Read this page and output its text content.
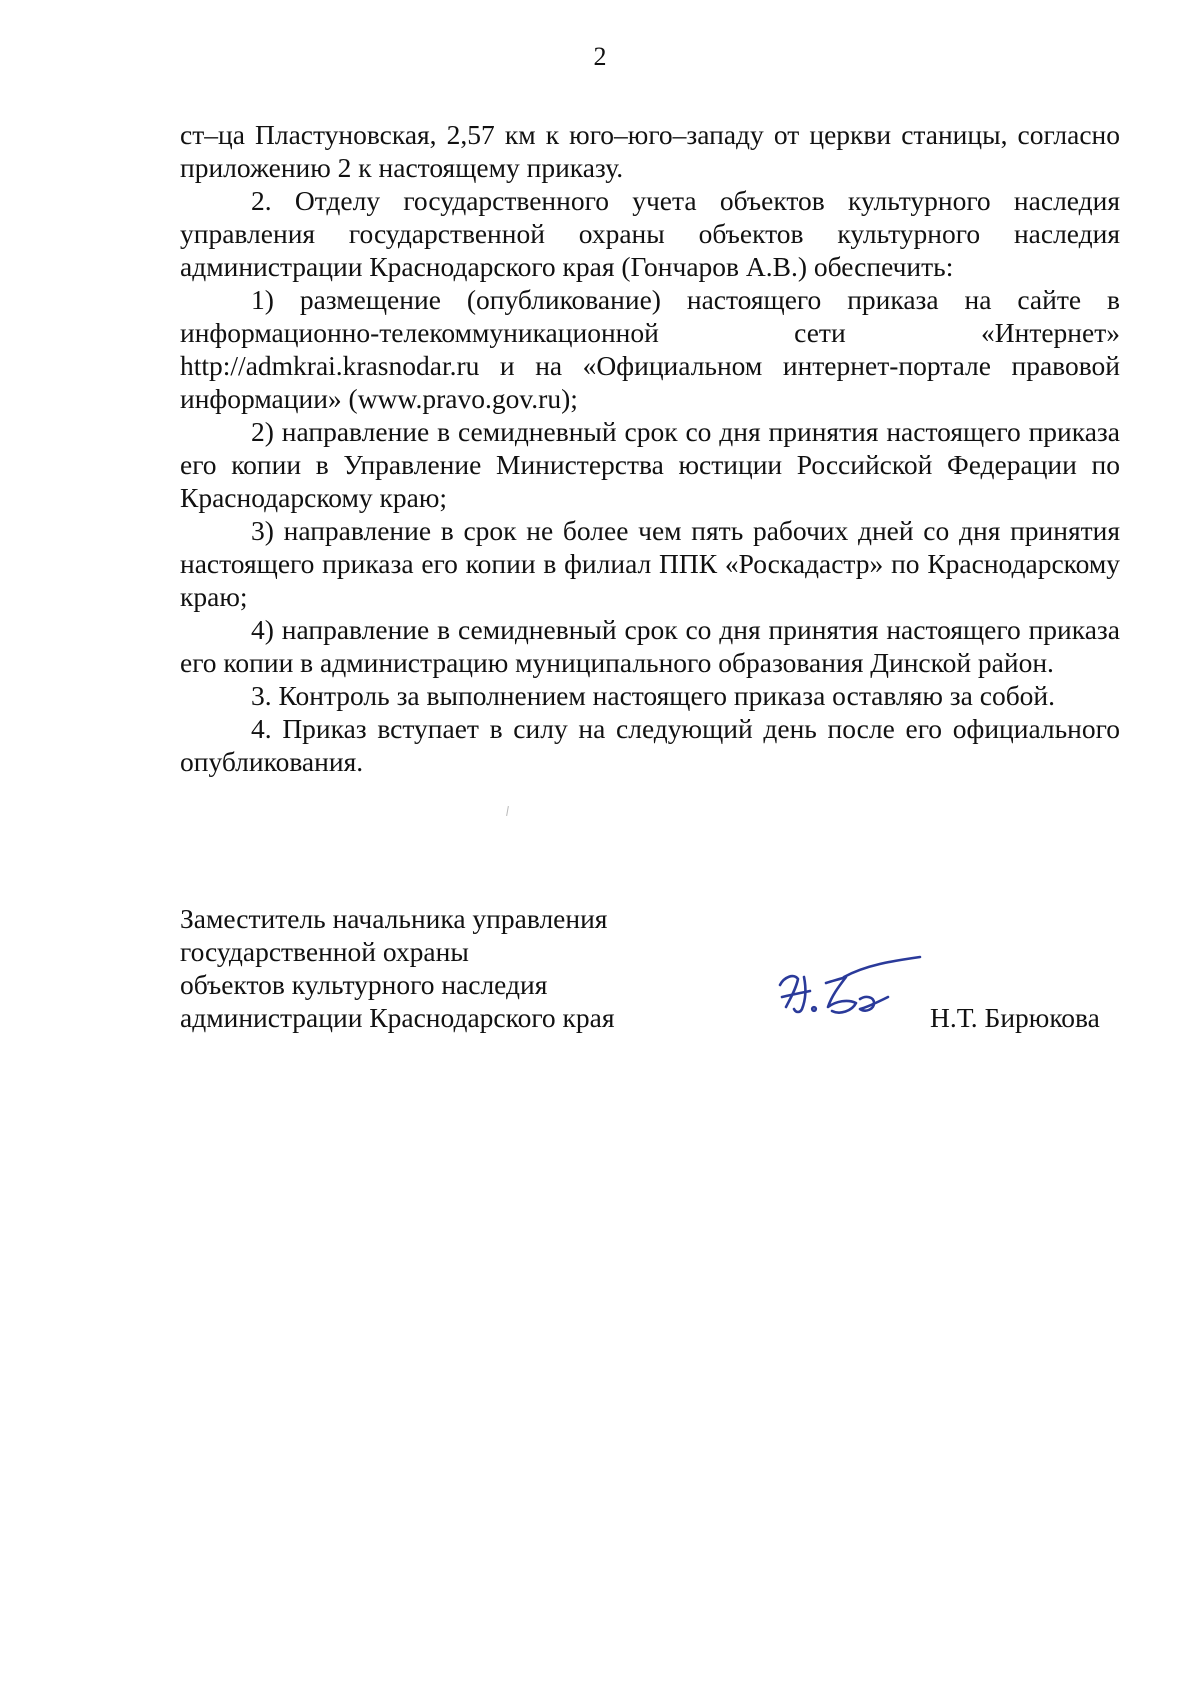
2

ст–ца Пластуновская, 2,57 км к юго–юго–западу от церкви станицы, согласно приложению 2 к настоящему приказу.

2. Отделу государственного учета объектов культурного наследия управления государственной охраны объектов культурного наследия администрации Краснодарского края (Гончаров А.В.) обеспечить:

1) размещение (опубликование) настоящего приказа на сайте в информационно-телекоммуникационной сети «Интернет» http://admkrai.krasnodar.ru и на «Официальном интернет-портале правовой информации» (www.pravo.gov.ru);

2) направление в семидневный срок со дня принятия настоящего приказа его копии в Управление Министерства юстиции Российской Федерации по Краснодарскому краю;

3) направление в срок не более чем пять рабочих дней со дня принятия настоящего приказа его копии в филиал ППК «Роскадастр» по Краснодарскому краю;

4) направление в семидневный срок со дня принятия настоящего приказа его копии в администрацию муниципального образования Динской район.

3. Контроль за выполнением настоящего приказа оставляю за собой.

4. Приказ вступает в силу на следующий день после его официального опубликования.

Заместитель начальника управления
государственной охраны
объектов культурного наследия
администрации Краснодарского края	Н.Т. Бирюкова
